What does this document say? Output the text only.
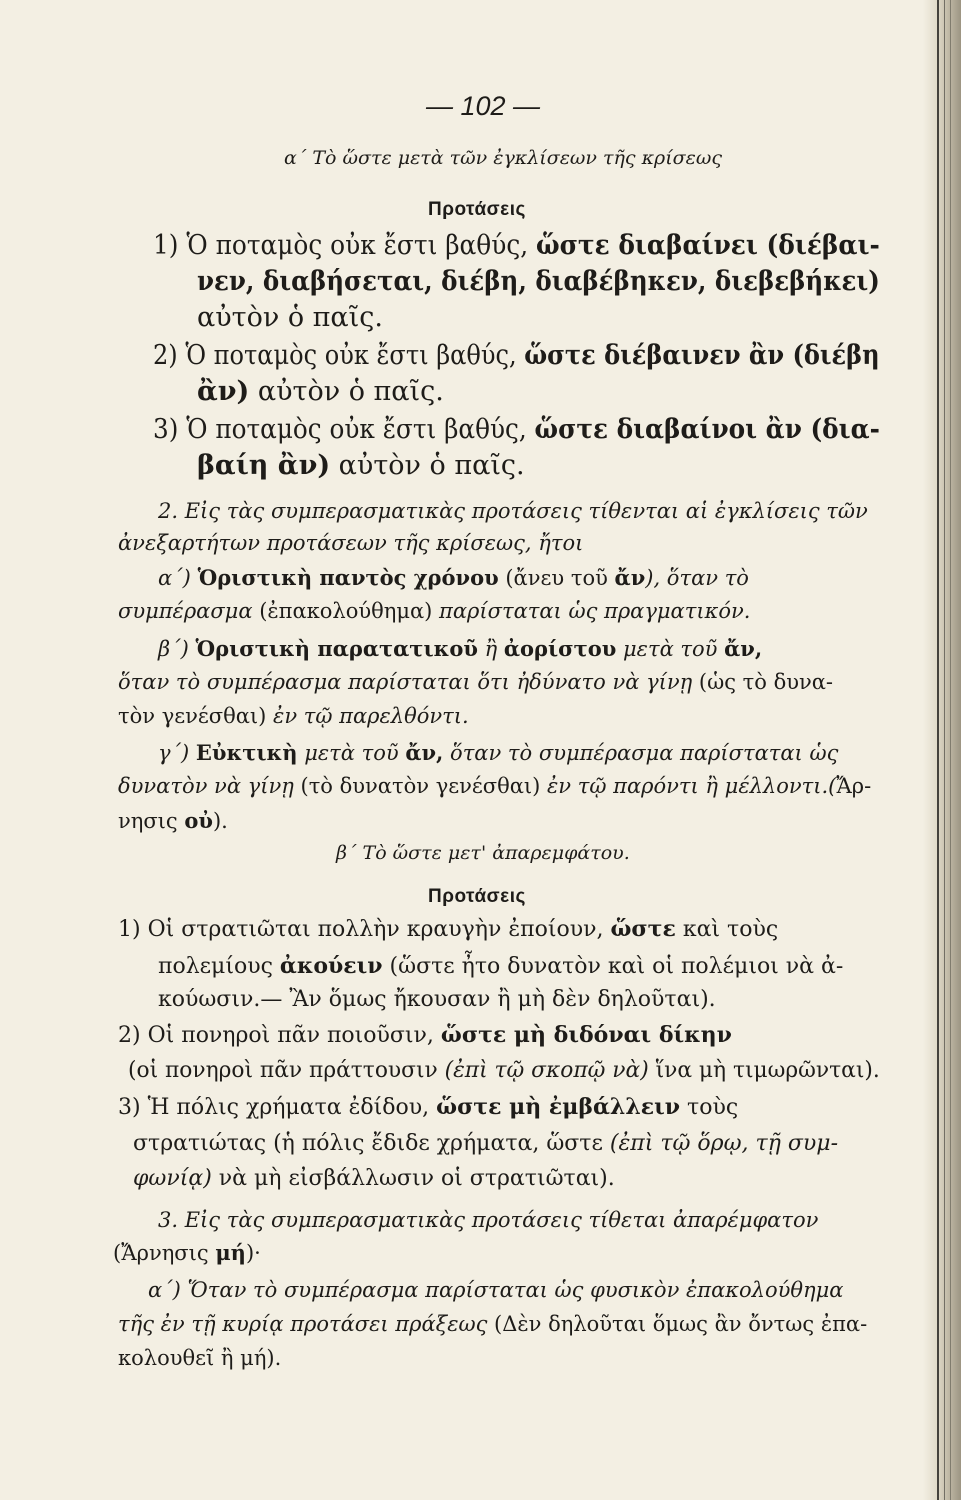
— 102 —
α΄ Τὸ ὥστε μετὰ τῶν ἐγκλίσεων τῆς κρίσεως
Προτάσεις
1) Ὁ ποταμὸς οὐκ ἔστι βαθύς, ὥστε διαβαίνει (διέβαι-
νεν, διαβήσεται, διέβη, διαβέβηκεν, διεβεβήκει)
αὐτὸν ὁ παῖς.
2) Ὁ ποταμὸς οὐκ ἔστι βαθύς, ὥστε διέβαινεν ἂν (διέβη
ἂν) αὐτὸν ὁ παῖς.
3) Ὁ ποταμὸς οὐκ ἔστι βαθύς, ὥστε διαβαίνοι ἂν (δια-
βαίη ἂν) αὐτὸν ὁ παῖς.
2. Εἰς τὰς συμπερασματικὰς προτάσεις τίθενται αἱ ἐγκλίσεις τῶν
ἀνεξαρτήτων προτάσεων τῆς κρίσεως, ἤτοι
α΄) Ὁριστικὴ παντὸς χρόνου (ἄνευ τοῦ ἄν), ὅταν τὸ
συμπέρασμα (ἐπακολούθημα) παρίσταται ὡς πραγματικόν.
β΄) Ὁριστικὴ παρατατικοῦ ἢ ἀορίστου μετὰ τοῦ ἄν,
ὅταν τὸ συμπέρασμα παρίσταται ὅτι ἠδύνατο νὰ γίνῃ (ὡς τὸ δυνα-
τὸν γενέσθαι) ἐν τῷ παρελθόντι.
γ΄) Εὐκτικὴ μετὰ τοῦ ἄν, ὅταν τὸ συμπέρασμα παρίσταται ὡς
δυνατὸν νὰ γίνῃ (τὸ δυνατὸν γενέσθαι) ἐν τῷ παρόντι ἢ μέλλοντι.(Ἄρ-
νησις οὐ).
β΄ Τὸ ὥστε μετ' ἀπαρεμφάτου.
Προτάσεις
1) Οἱ στρατιῶται πολλὴν κραυγὴν ἐποίουν, ὥστε καὶ τοὺς
πολεμίους ἀκούειν (ὥστε ἦτο δυνατὸν καὶ οἱ πολέμιοι νὰ ἀ-
κούωσιν.— Ἂν ὅμως ἤκουσαν ἢ μὴ δὲν δηλοῦται).
2) Οἱ πονηροὶ πᾶν ποιοῦσιν, ὥστε μὴ διδόναι δίκην
(οἱ πονηροὶ πᾶν πράττουσιν (ἐπὶ τῷ σκοπῷ νὰ) ἵνα μὴ τιμωρῶνται).
3) Ἡ πόλις χρήματα ἐδίδου, ὥστε μὴ ἐμβάλλειν τοὺς
στρατιώτας (ἡ πόλις ἔδιδε χρήματα, ὥστε (ἐπὶ τῷ ὅρῳ, τῇ συμ-
φωνίᾳ) νὰ μὴ εἰσβάλλωσιν οἱ στρατιῶται).
3. Εἰς τὰς συμπερασματικὰς προτάσεις τίθεται ἀπαρέμφατον
(Ἄρνησις μή)·
α΄) Ὅταν τὸ συμπέρασμα παρίσταται ὡς φυσικὸν ἐπακολούθημα
τῆς ἐν τῇ κυρίᾳ προτάσει πράξεως (Δὲν δηλοῦται ὅμως ἂν ὄντως ἐπα-
κολουθεῖ ἢ μή).
